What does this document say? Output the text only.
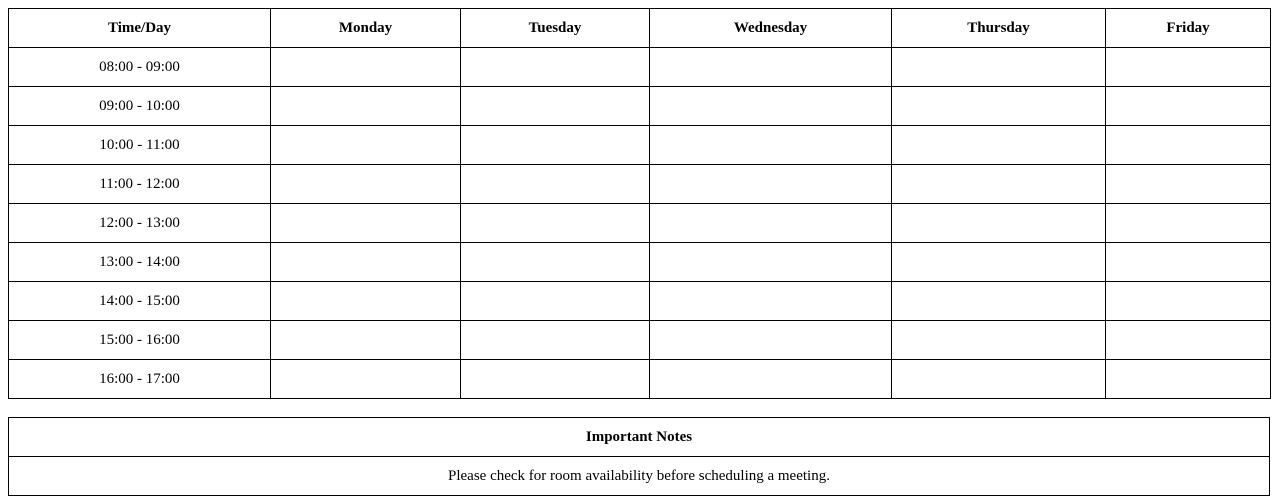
Time/Day	Monday	Tuesday	Wednesday	Thursday	Friday
08:00 - 09:00					
09:00 - 10:00					
10:00 - 11:00					
11:00 - 12:00					
12:00 - 13:00					
13:00 - 14:00					
14:00 - 15:00					
15:00 - 16:00					
16:00 - 17:00					
Important Notes
Please check for room availability before scheduling a meeting.
